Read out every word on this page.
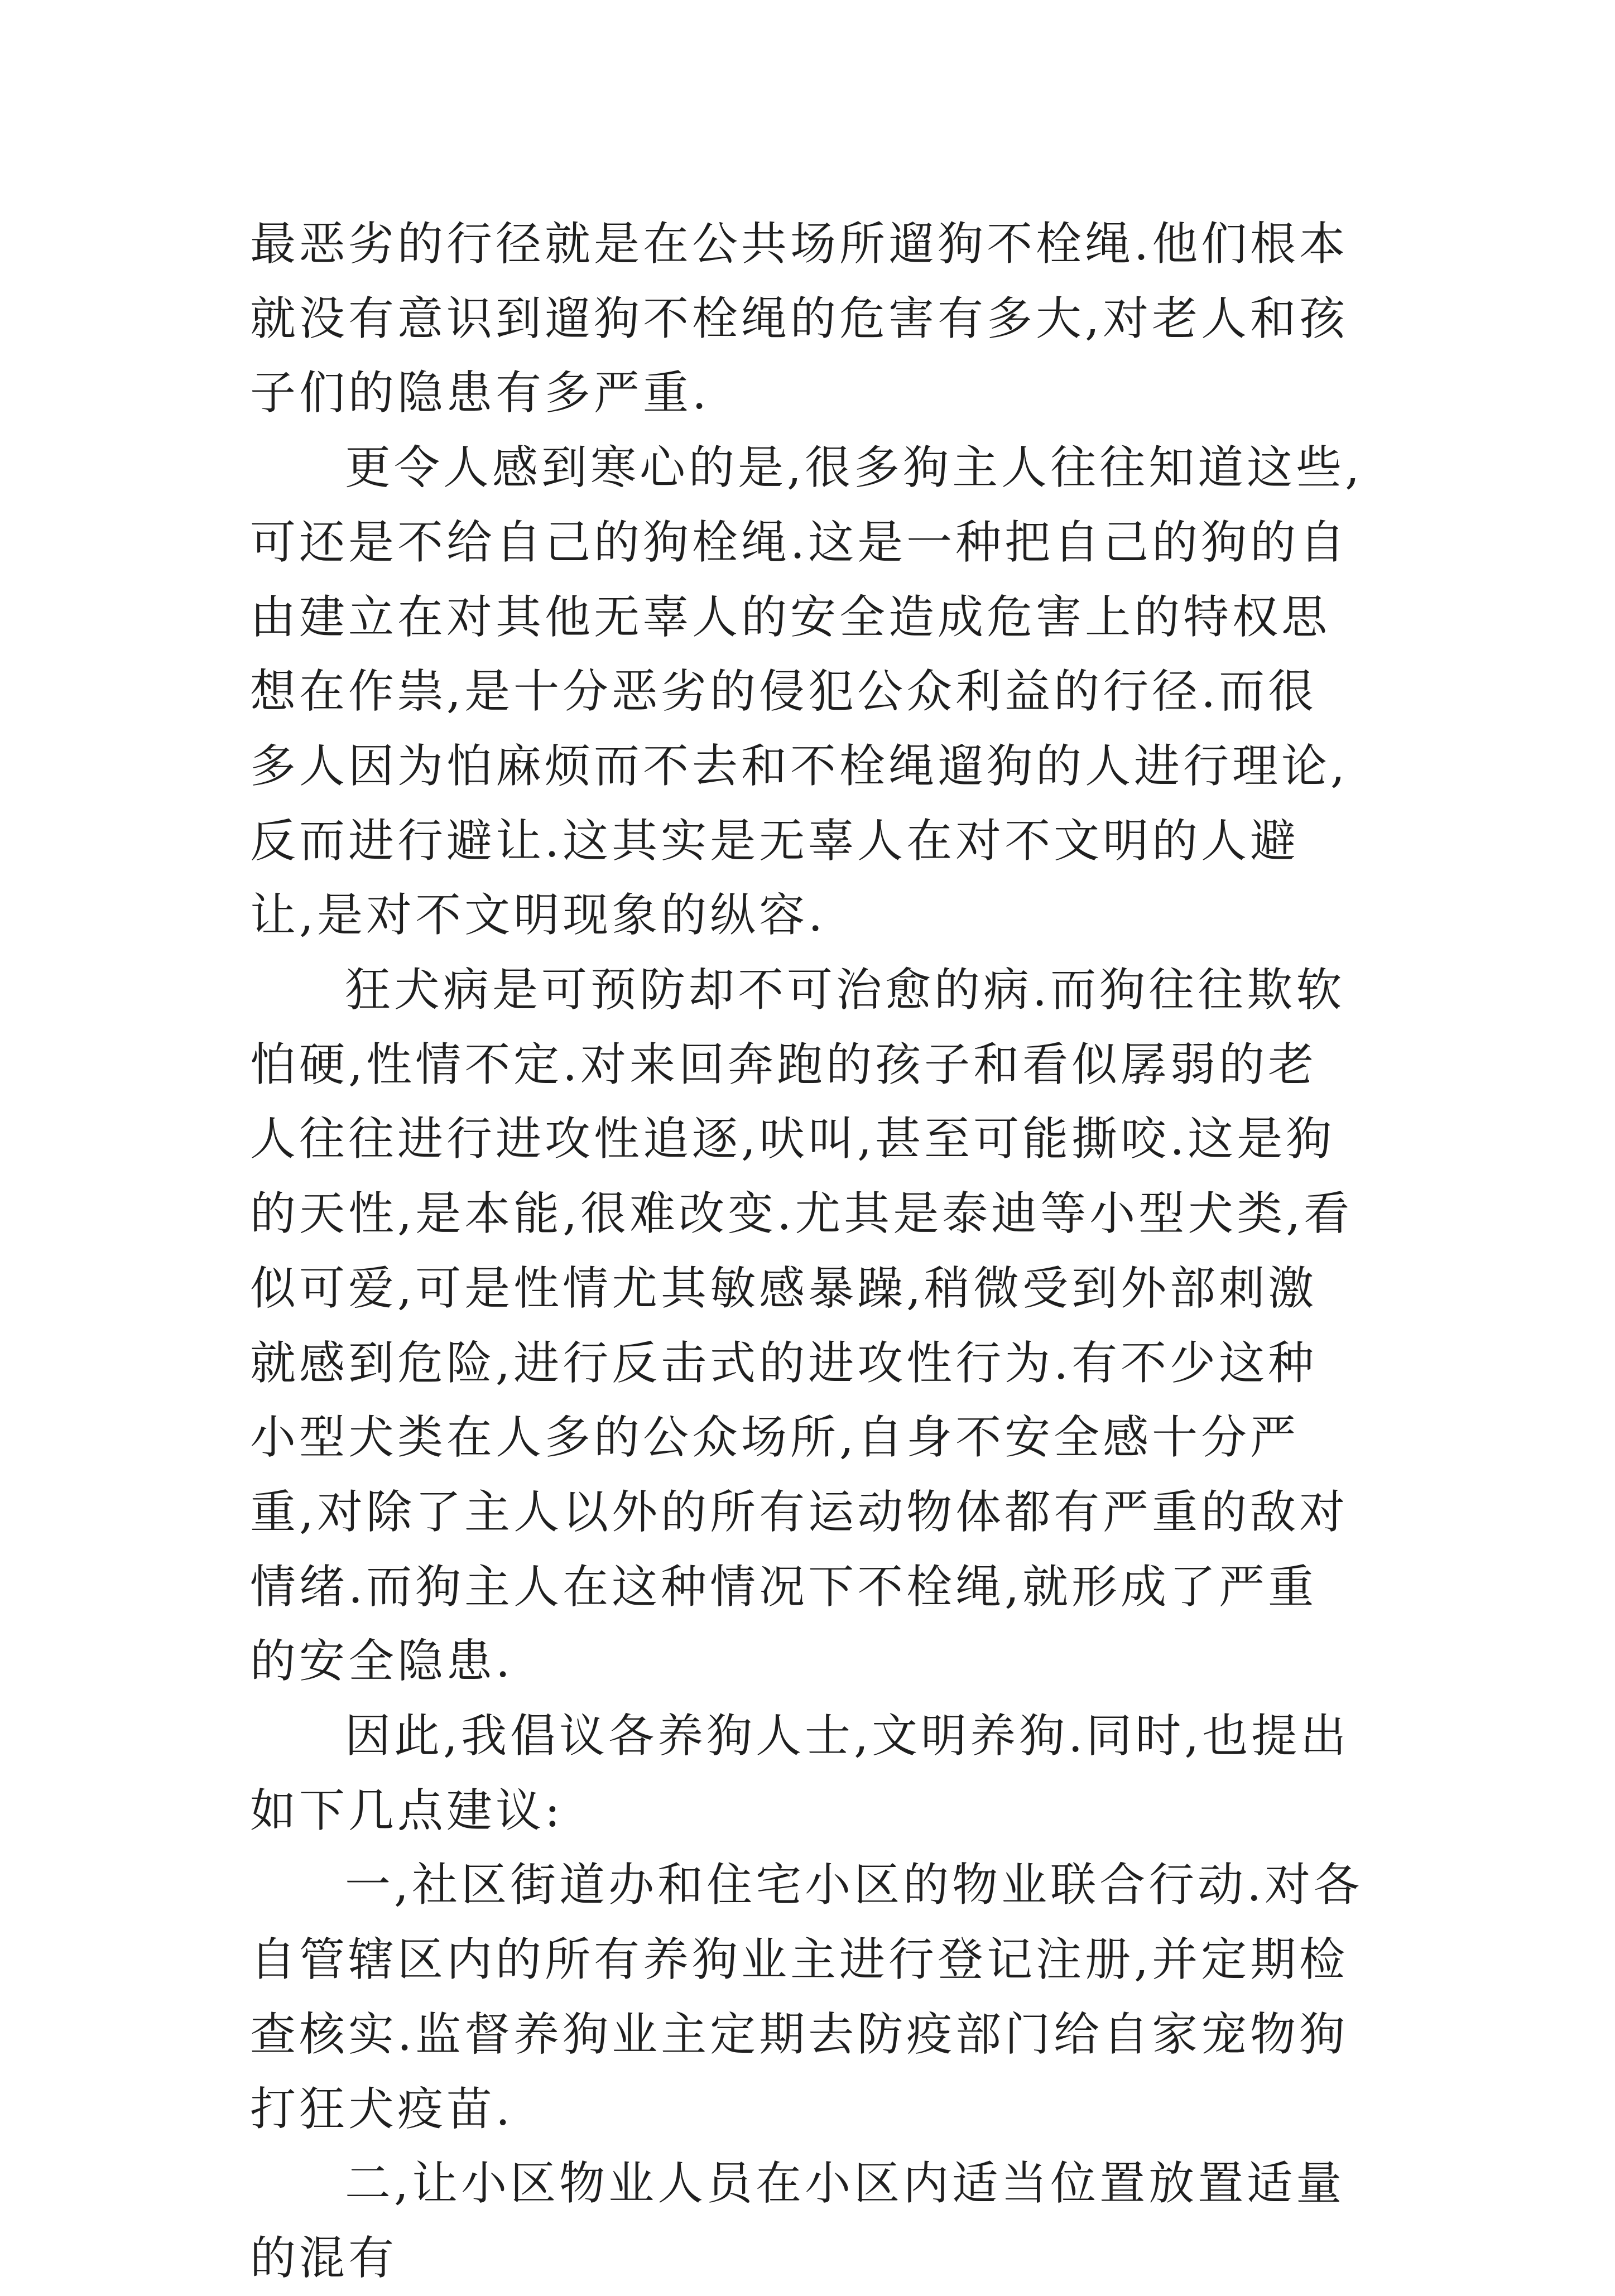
最恶劣的行径就是在公共场所遛狗不栓绳.他们根本就没有意识到遛狗不栓绳的危害有多大,对老人和孩子们的隐患有多严重.

更令人感到寒心的是,很多狗主人往往知道这些,可还是不给自己的狗栓绳.这是一种把自己的狗的自由建立在对其他无辜人的安全造成危害上的特权思想在作祟,是十分恶劣的侵犯公众利益的行径.而很多人因为怕麻烦而不去和不栓绳遛狗的人进行理论,反而进行避让.这其实是无辜人在对不文明的人避让,是对不文明现象的纵容.

狂犬病是可预防却不可治愈的病.而狗往往欺软怕硬,性情不定.对来回奔跑的孩子和看似孱弱的老人往往进行进攻性追逐,吠叫,甚至可能撕咬.这是狗的天性,是本能,很难改变.尤其是泰迪等小型犬类,看似可爱,可是性情尤其敏感暴躁,稍微受到外部刺激就感到危险,进行反击式的进攻性行为.有不少这种小型犬类在人多的公众场所,自身不安全感十分严重,对除了主人以外的所有运动物体都有严重的敌对情绪.而狗主人在这种情况下不栓绳,就形成了严重的安全隐患.

因此,我倡议各养狗人士,文明养狗.同时,也提出如下几点建议:

一,社区街道办和住宅小区的物业联合行动.对各自管辖区内的所有养狗业主进行登记注册,并定期检查核实.监督养狗业主定期去防疫部门给自家宠物狗打狂犬疫苗.

二,让小区物业人员在小区内适当位置放置适量的混有
